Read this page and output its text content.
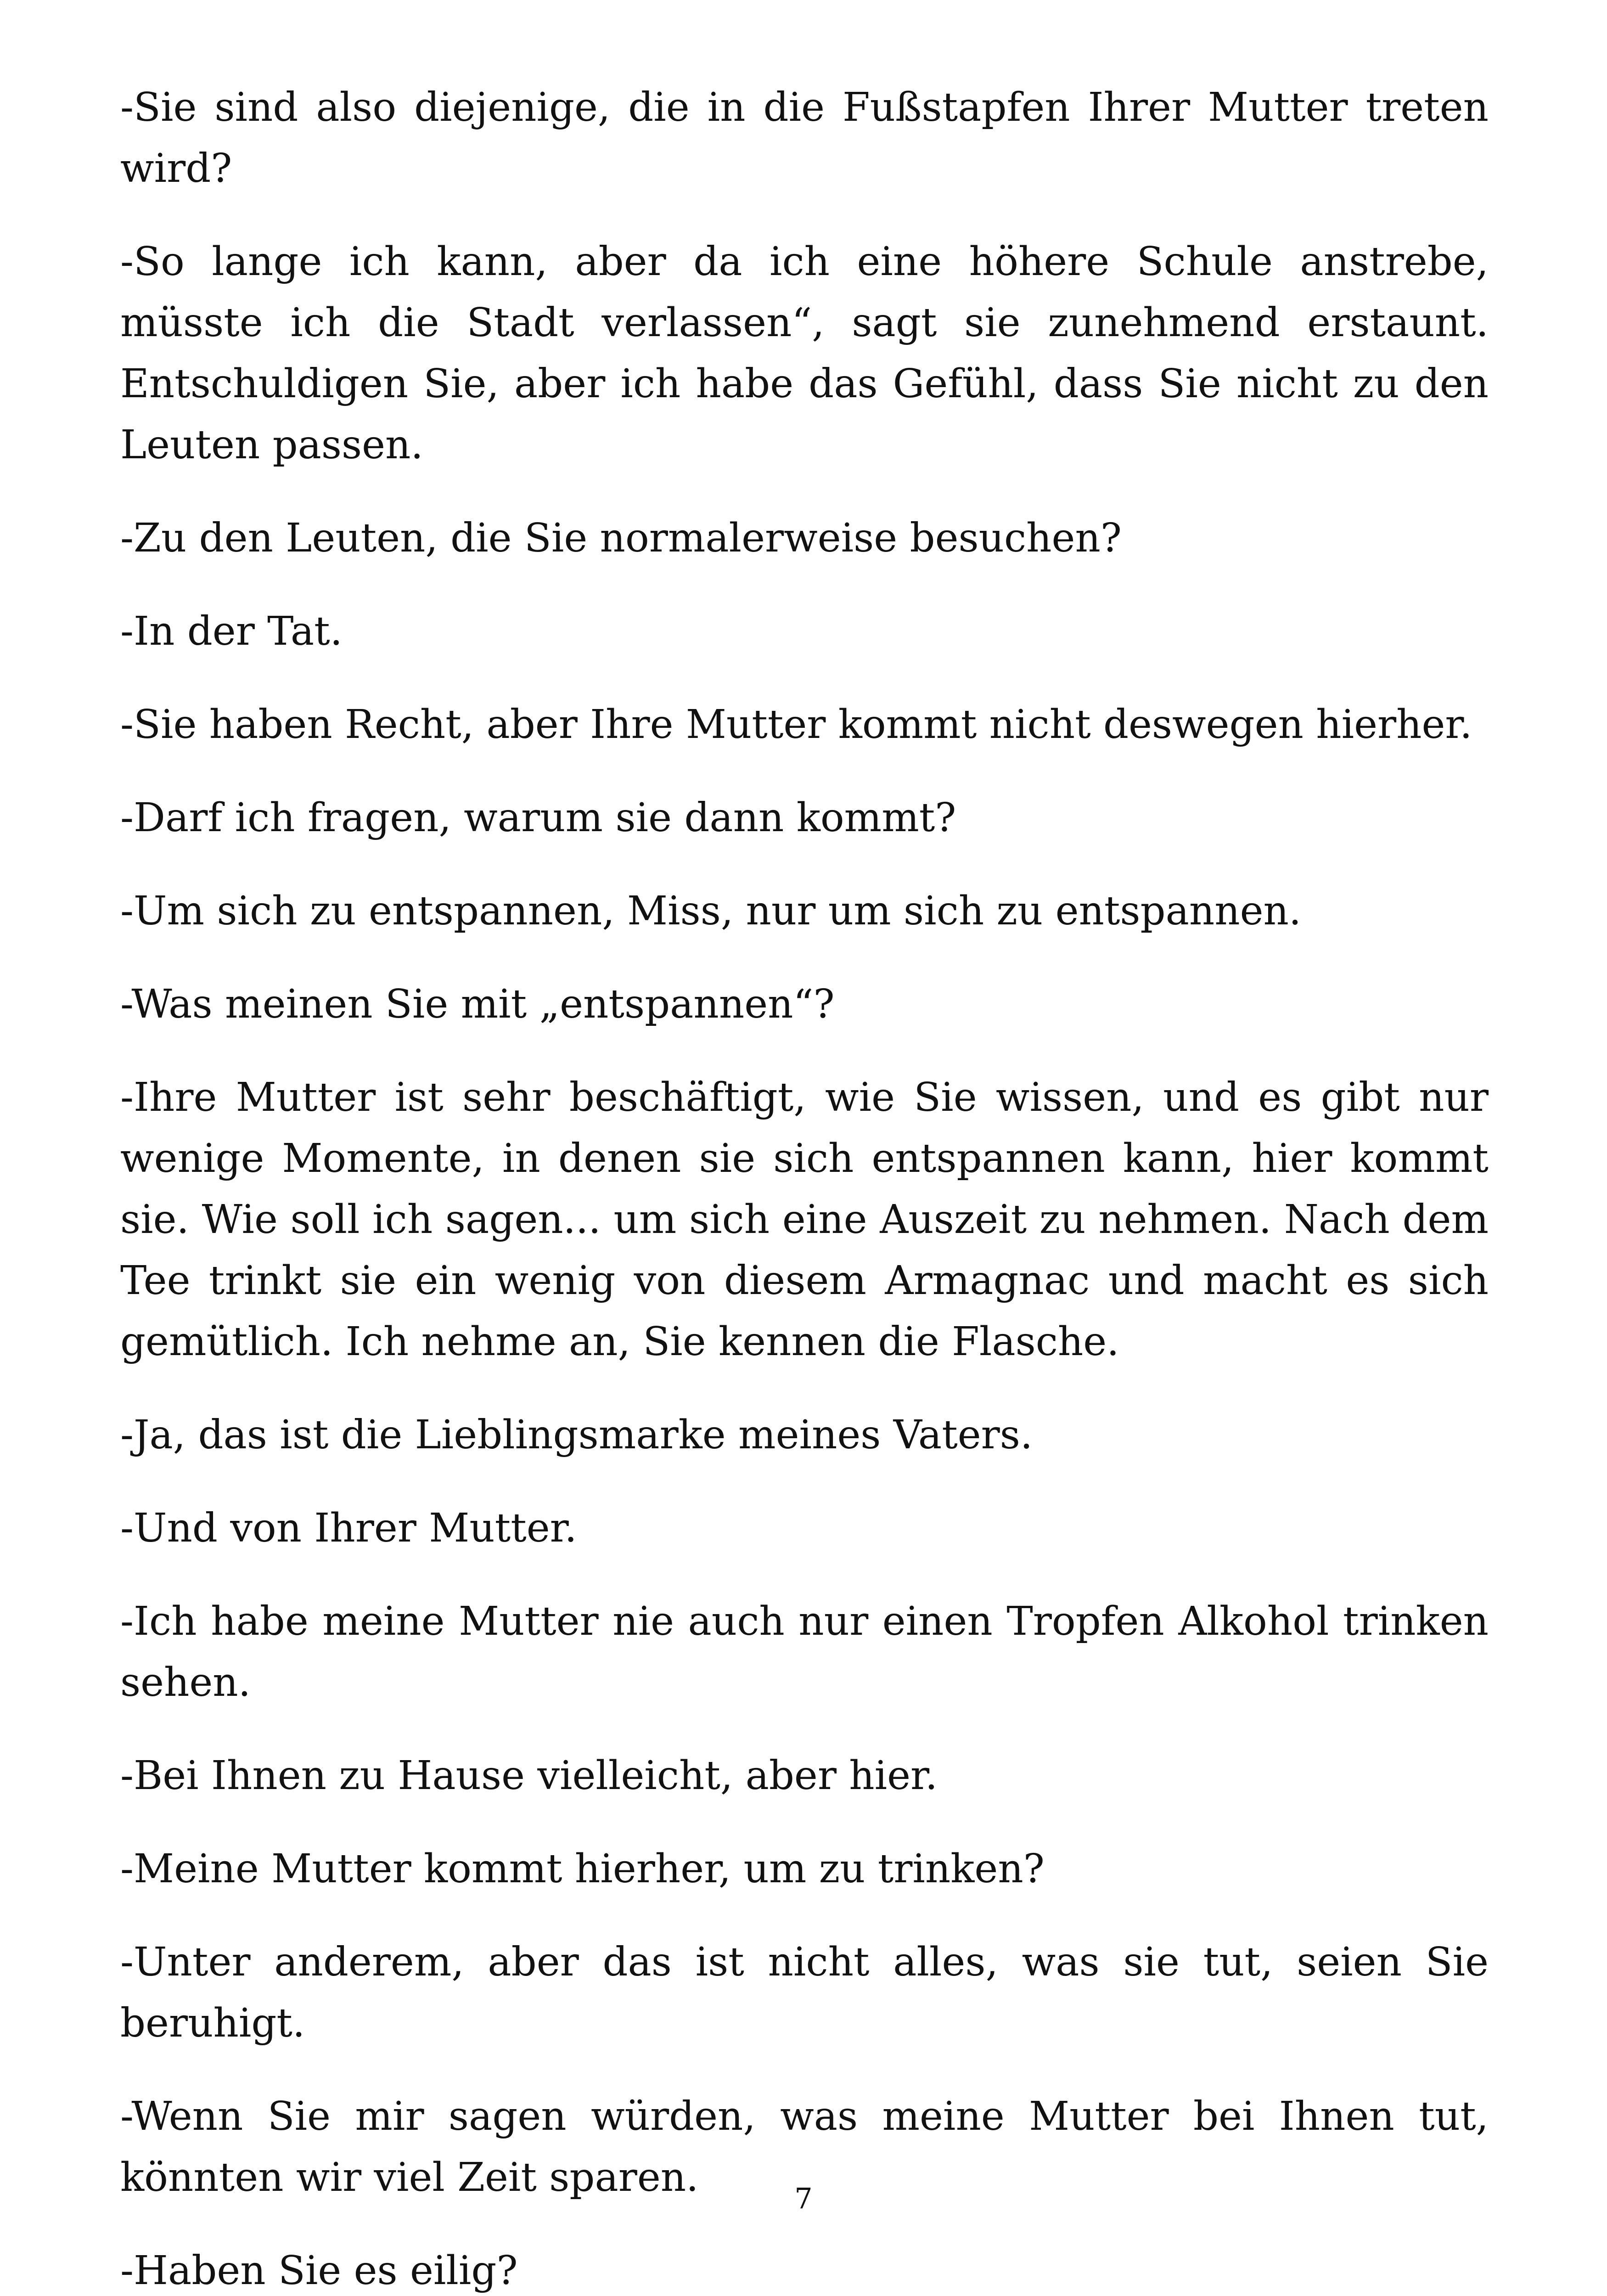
-Sie sind also diejenige, die in die Fußstapfen Ihrer Mutter treten wird?

-So lange ich kann, aber da ich eine höhere Schule anstrebe, müsste ich die Stadt verlassen“, sagt sie zunehmend erstaunt. Entschuldigen Sie, aber ich habe das Gefühl, dass Sie nicht zu den Leuten passen.

-Zu den Leuten, die Sie normalerweise besuchen?

-In der Tat.

-Sie haben Recht, aber Ihre Mutter kommt nicht deswegen hierher.

-Darf ich fragen, warum sie dann kommt?

-Um sich zu entspannen, Miss, nur um sich zu entspannen.

-Was meinen Sie mit „entspannen“?

-Ihre Mutter ist sehr beschäftigt, wie Sie wissen, und es gibt nur wenige Momente, in denen sie sich entspannen kann, hier kommt sie. Wie soll ich sagen... um sich eine Auszeit zu nehmen. Nach dem Tee trinkt sie ein wenig von diesem Armagnac und macht es sich gemütlich. Ich nehme an, Sie kennen die Flasche.

-Ja, das ist die Lieblingsmarke meines Vaters.

-Und von Ihrer Mutter.

-Ich habe meine Mutter nie auch nur einen Tropfen Alkohol trinken sehen.

-Bei Ihnen zu Hause vielleicht, aber hier.

-Meine Mutter kommt hierher, um zu trinken?

-Unter anderem, aber das ist nicht alles, was sie tut, seien Sie beruhigt.

-Wenn Sie mir sagen würden, was meine Mutter bei Ihnen tut, könnten wir viel Zeit sparen.

-Haben Sie es eilig?

7
